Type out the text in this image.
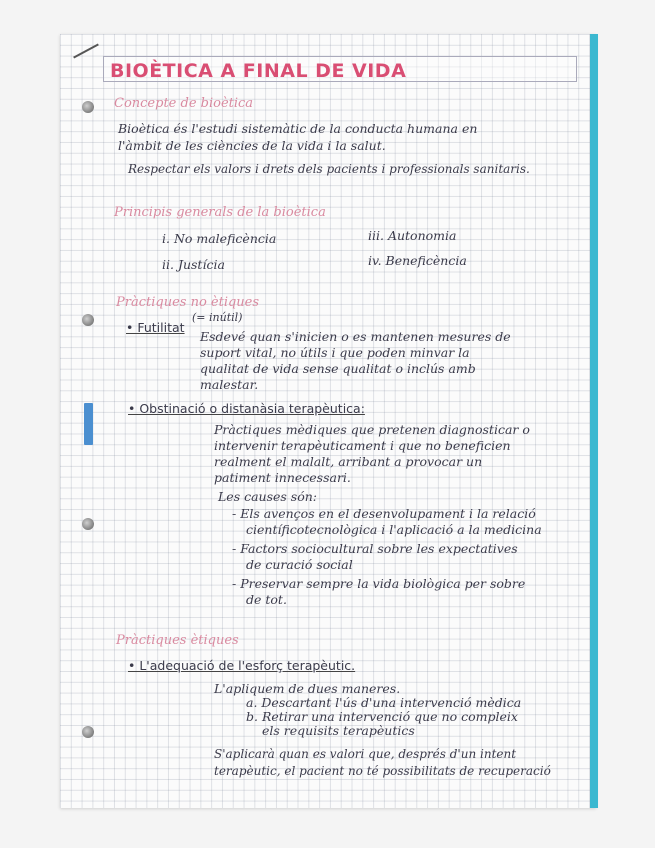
BIOÈTICA A FINAL DE VIDA
Concepte de bioètica
Bioètica és l'estudi sistemàtic de la conducta humana en
l'àmbit de les ciències de la vida i la salut.
Respectar els valors i drets dels pacients i professionals sanitaris.
Principis generals de la bioètica
i. No maleficència
ii. Justícia
iii. Autonomia
iv. Beneficència
Pràctiques no ètiques
• Futilitat
(= inútil)
Esdevé quan s'inicien o es mantenen mesures de
suport vital, no útils i que poden minvar la
qualitat de vida sense qualitat o inclús amb
malestar.
• Obstinació o distanàsia terapèutica:
Pràctiques mèdiques que pretenen diagnosticar o
intervenir terapèuticament i que no beneficien
realment el malalt, arribant a provocar un
patiment innecessari.
Les causes són:
- Els avenços en el desenvolupament i la relació
científicotecnològica i l'aplicació a la medicina
- Factors sociocultural sobre les expectatives
de curació social
- Preservar sempre la vida biològica per sobre
de tot.
Pràctiques ètiques
• L'adequació de l'esforç terapèutic.
L'apliquem de dues maneres.
a. Descartant l'ús d'una intervenció mèdica
b. Retirar una intervenció que no compleix
els requisits terapèutics
S'aplicarà quan es valori que, després d'un intent
terapèutic, el pacient no té possibilitats de recuperació
